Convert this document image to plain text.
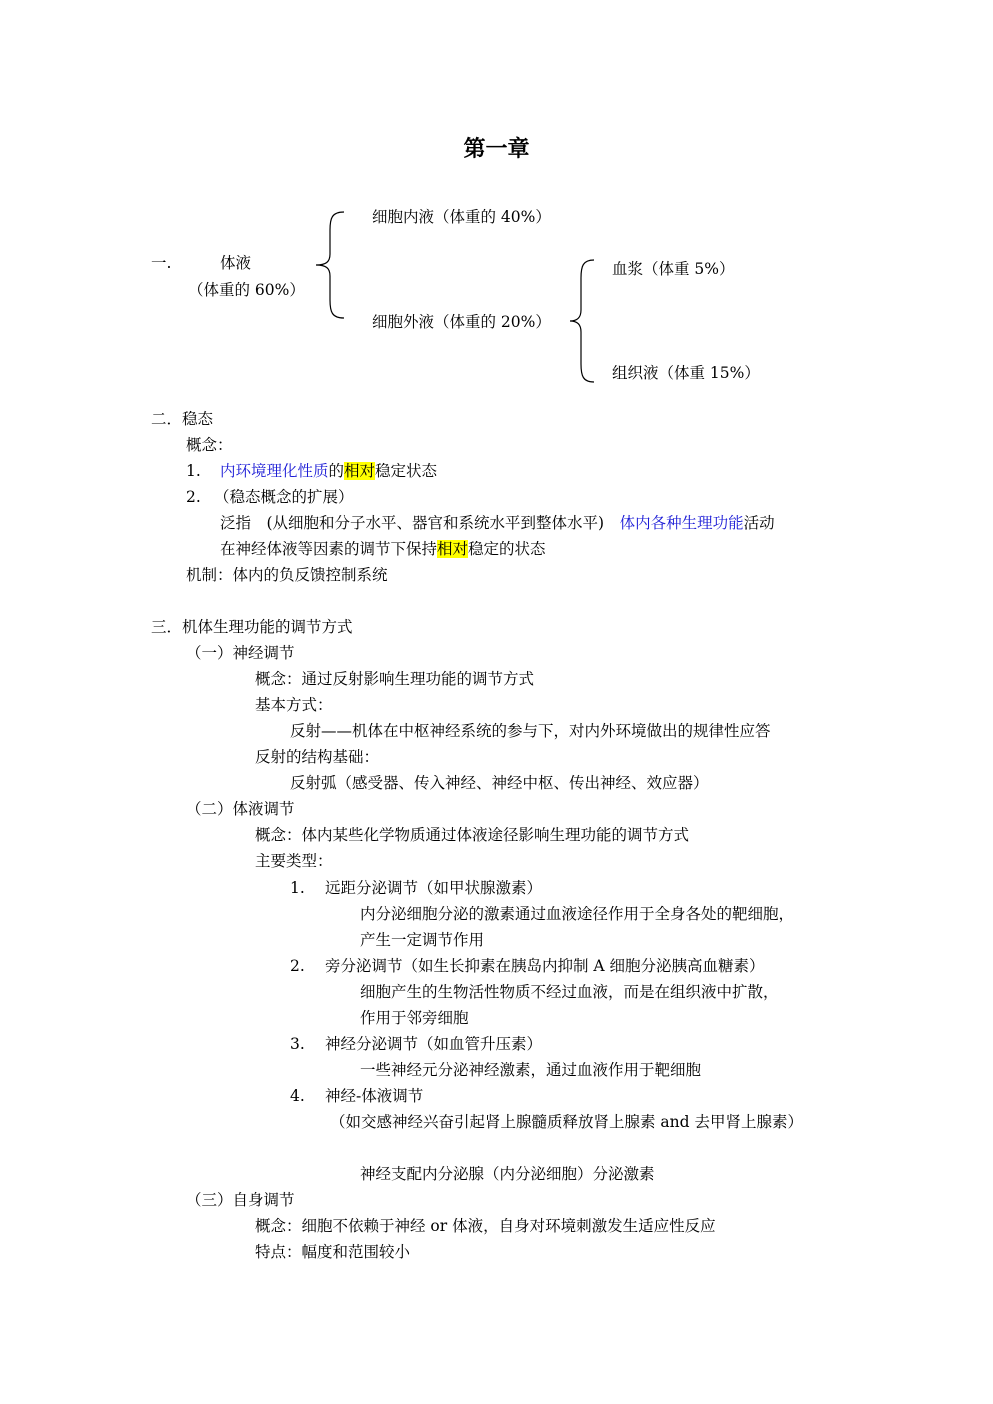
第一章
一.	体液
（体重的 60%）
细胞内液（体重的 40%）
细胞外液（体重的 20%）
血浆（体重 5%）
组织液（体重 15%）
二．稳态
概念：
1. 内环境理化性质的相对稳定状态
2. （稳态概念的扩展）
泛指　(从细胞和分子水平、器官和系统水平到整体水平)　体内各种生理功能活动
在神经体液等因素的调节下保持相对稳定的状态
机制：体内的负反馈控制系统
三．机体生理功能的调节方式
（一）神经调节
概念：通过反射影响生理功能的调节方式
基本方式：
反射——机体在中枢神经系统的参与下，对内外环境做出的规律性应答
反射的结构基础：
反射弧（感受器、传入神经、神经中枢、传出神经、效应器）
（二）体液调节
概念：体内某些化学物质通过体液途径影响生理功能的调节方式
主要类型：
1. 远距分泌调节（如甲状腺激素）
内分泌细胞分泌的激素通过血液途径作用于全身各处的靶细胞，
产生一定调节作用
2. 旁分泌调节（如生长抑素在胰岛内抑制 A 细胞分泌胰高血糖素）
细胞产生的生物活性物质不经过血液，而是在组织液中扩散，
作用于邻旁细胞
3. 神经分泌调节（如血管升压素）
一些神经元分泌神经激素，通过血液作用于靶细胞
4. 神经-体液调节
（如交感神经兴奋引起肾上腺髓质释放肾上腺素 and 去甲肾上腺素）
神经支配内分泌腺（内分泌细胞）分泌激素
（三）自身调节
概念：细胞不依赖于神经 or 体液，自身对环境刺激发生适应性反应
特点：幅度和范围较小
